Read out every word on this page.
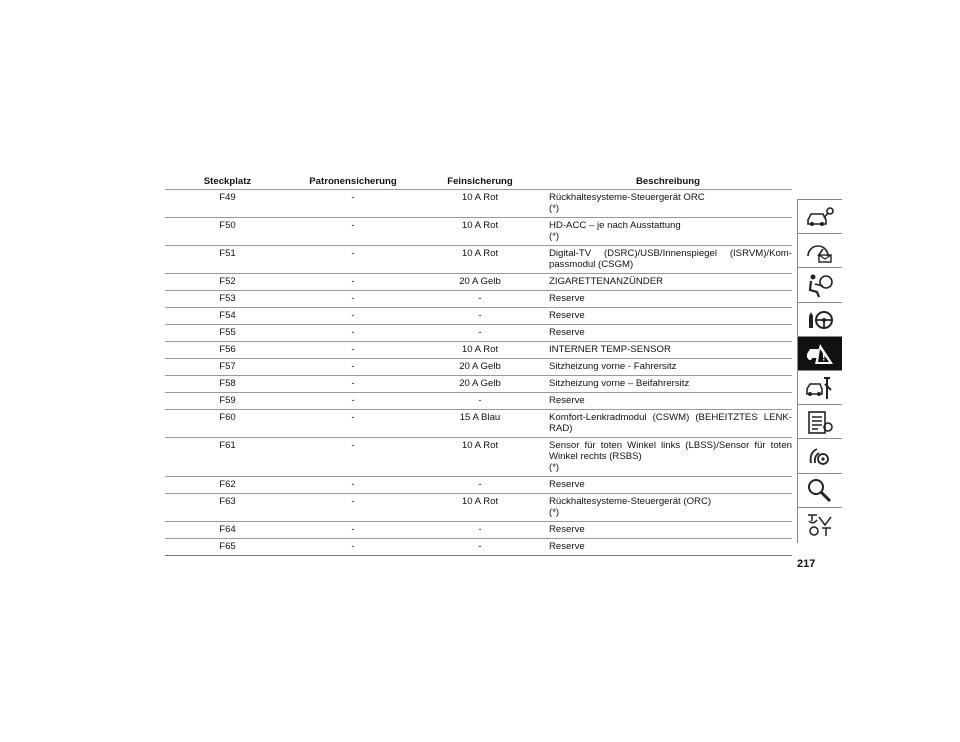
Steckplatz	Patronensicherung	Feinsicherung	Beschreibung
F49	-	10 A Rot	Rückhaltesysteme-Steuergerät ORC
(*)

F50	-	10 A Rot	HD-ACC – je nach Ausstattung
(*)

F51	-	10 A Rot	Digital-TV (DSRC)/USB/Innenspiegel (ISRVM)/Kom-passmodul (CSGM)

F52	-	20 A Gelb	ZIGARETTENANZÜNDER

F53	-	-	Reserve

F54	-	-	Reserve

F55	-	-	Reserve

F56	-	10 A Rot	INTERNER TEMP-SENSOR

F57	-	20 A Gelb	Sitzheizung vorne - Fahrersitz

F58	-	20 A Gelb	Sitzheizung vorne – Beifahrersitz

F59	-	-	Reserve

F60	-	15 A Blau	Komfort-Lenkradmodul (CSWM) (BEHEITZTES LENK-RAD)

F61	-	10 A Rot	Sensor für toten Winkel links (LBSS)/Sensor für toten Winkel rechts (RSBS)
(*)

F62	-	-	Reserve

F63	-	10 A Rot	Rückhaltesysteme-Steuergerät (ORC)
(*)

F64	-	-	Reserve

F65	-	-	Reserve
217
